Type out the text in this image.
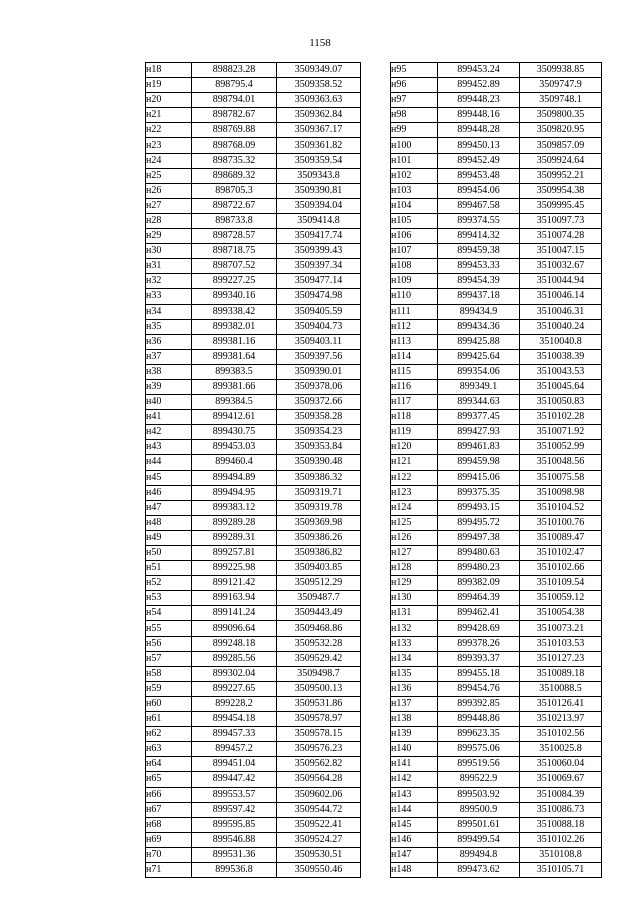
1158
н18	898823.28	3509349.07
н19	898795.4	3509358.52
н20	898794.01	3509363.63
н21	898782.67	3509362.84
н22	898769.88	3509367.17
н23	898768.09	3509361.82
н24	898735.32	3509359.54
н25	898689.32	3509343.8
н26	898705.3	3509390.81
н27	898722.67	3509394.04
н28	898733.8	3509414.8
н29	898728.57	3509417.74
н30	898718.75	3509399.43
н31	898707.52	3509397.34
н32	899227.25	3509477.14
н33	899340.16	3509474.98
н34	899338.42	3509405.59
н35	899382.01	3509404.73
н36	899381.16	3509403.11
н37	899381.64	3509397.56
н38	899383.5	3509390.01
н39	899381.66	3509378.06
н40	899384.5	3509372.66
н41	899412.61	3509358.28
н42	899430.75	3509354.23
н43	899453.03	3509353.84
н44	899460.4	3509390.48
н45	899494.89	3509386.32
н46	899494.95	3509319.71
н47	899383.12	3509319.78
н48	899289.28	3509369.98
н49	899289.31	3509386.26
н50	899257.81	3509386.82
н51	899225.98	3509403.85
н52	899121.42	3509512.29
н53	899163.94	3509487.7
н54	899141.24	3509443.49
н55	899096.64	3509468.86
н56	899248.18	3509532.28
н57	899285.56	3509529.42
н58	899302.04	3509498.7
н59	899227.65	3509500.13
н60	899228.2	3509531.86
н61	899454.18	3509578.97
н62	899457.33	3509578.15
н63	899457.2	3509576.23
н64	899451.04	3509562.82
н65	899447.42	3509564.28
н66	899553.57	3509602.06
н67	899597.42	3509544.72
н68	899595.85	3509522.41
н69	899546.88	3509524.27
н70	899531.36	3509530.51
н71	899536.8	3509550.46
н95	899453.24	3509938.85
н96	899452.89	3509747.9
н97	899448.23	3509748.1
н98	899448.16	3509800.35
н99	899448.28	3509820.95
н100	899450.13	3509857.09
н101	899452.49	3509924.64
н102	899453.48	3509952.21
н103	899454.06	3509954.38
н104	899467.58	3509995.45
н105	899374.55	3510097.73
н106	899414.32	3510074.28
н107	899459.38	3510047.15
н108	899453.33	3510032.67
н109	899454.39	3510044.94
н110	899437.18	3510046.14
н111	899434.9	3510046.31
н112	899434.36	3510040.24
н113	899425.88	3510040.8
н114	899425.64	3510038.39
н115	899354.06	3510043.53
н116	899349.1	3510045.64
н117	899344.63	3510050.83
н118	899377.45	3510102.28
н119	899427.93	3510071.92
н120	899461.83	3510052.99
н121	899459.98	3510048.56
н122	899415.06	3510075.58
н123	899375.35	3510098.98
н124	899493.15	3510104.52
н125	899495.72	3510100.76
н126	899497.38	3510089.47
н127	899480.63	3510102.47
н128	899480.23	3510102.66
н129	899382.09	3510109.54
н130	899464.39	3510059.12
н131	899462.41	3510054.38
н132	899428.69	3510073.21
н133	899378.26	3510103.53
н134	899393.37	3510127.23
н135	899455.18	3510089.18
н136	899454.76	3510088.5
н137	899392.85	3510126.41
н138	899448.86	3510213.97
н139	899623.35	3510102.56
н140	899575.06	3510025.8
н141	899519.56	3510060.04
н142	899522.9	3510069.67
н143	899503.92	3510084.39
н144	899500.9	3510086.73
н145	899501.61	3510088.18
н146	899499.54	3510102.26
н147	899494.8	3510108.8
н148	899473.62	3510105.71
